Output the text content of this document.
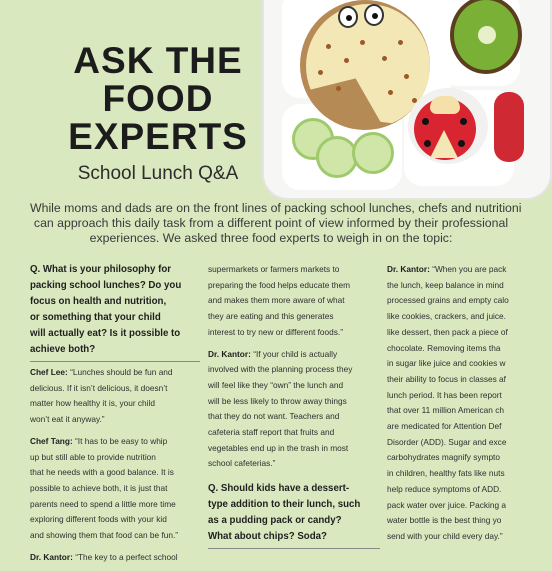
ASK THE
FOOD
EXPERTS
School Lunch Q&A
While moms and dads are on the front lines of packing school lunches, chefs and nutritioni
can approach this daily task from a different point of view informed by their professional
experiences. We asked three food experts to weigh in on the topic:
Q. What is your philosophy for
packing school lunches? Do you
focus on health and nutrition,
or something that your child
will actually eat? Is it possible to
achieve both?
Chef Lee: “Lunches should be fun and
delicious. If it isn’t delicious, it doesn’t
matter how healthy it is, your child
won’t eat it anyway.”
Chef Tang: “It has to be easy to whip
up but still able to provide nutrition
that he needs with a good balance. It is
possible to achieve both, it is just that
parents need to spend a little more time
exploring different foods with your kid
and showing them that food can be fun.”
Dr. Kantor: “The key to a perfect school
supermarkets or farmers markets to
preparing the food helps educate them
and makes them more aware of what
they are eating and this generates
interest to try new or different foods.”
Dr. Kantor: “If your child is actually
involved with the planning process they
will feel like they “own” the lunch and
will be less likely to throw away things
that they do not want. Teachers and
cafeteria staff report that fruits and
vegetables end up in the trash in most
school cafeterias.”
Q. Should kids have a dessert-
type addition to their lunch, such
as a pudding pack or candy?
What about chips? Soda?
Dr. Kantor: “When you are pack
the lunch, keep balance in mind
processed grains and empty calo
like cookies, crackers, and juice.
like dessert, then pack a piece of
chocolate. Removing items tha
in sugar like juice and cookies w
their ability to focus in classes af
lunch period. It has been report
that over 11 million American ch
are medicated for Attention Def
Disorder (ADD). Sugar and exce
carbohydrates magnify sympto
in children, healthy fats like nuts
help reduce symptoms of ADD.
pack water over juice. Packing a
water bottle is the best thing yo
send with your child every day.”
